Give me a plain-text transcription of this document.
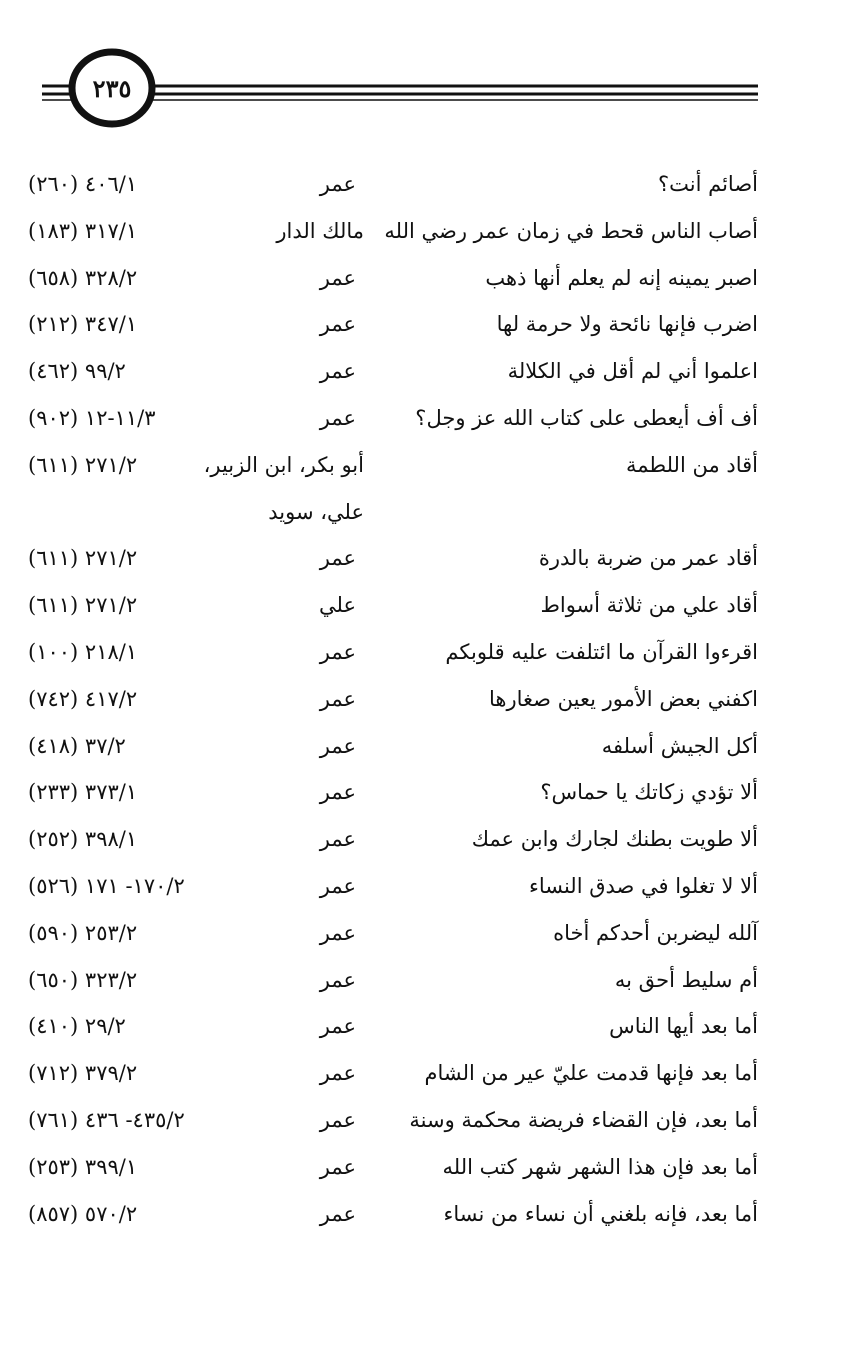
٢٣٥
أصائم أنت؟
عمر
٤٠٦/١ (٢٦٠)
أصاب الناس قحط في زمان عمر رضي الله
مالك الدار
٣١٧/١ (١٨٣)
اصبر يمينه إنه لم يعلم أنها ذهب
عمر
٣٢٨/٢ (٦٥٨)
اضرب فإنها نائحة ولا حرمة لها
عمر
٣٤٧/١ (٢١٢)
اعلموا أني لم أقل في الكلالة
عمر
٩٩/٢ (٤٦٢)
أف أف أيعطى على كتاب الله عز وجل؟
عمر
١١/٣-١٢ (٩٠٢)
أقاد من اللطمة
أبو بكر، ابن الزبير،
٢٧١/٢ (٦١١)
علي، سويد
أقاد عمر من ضربة بالدرة
عمر
٢٧١/٢ (٦١١)
أقاد علي من ثلاثة أسواط
علي
٢٧١/٢ (٦١١)
اقرءوا القرآن ما ائتلفت عليه قلوبكم
عمر
٢١٨/١ (١٠٠)
اكفني بعض الأمور يعين صغارها
عمر
٤١٧/٢ (٧٤٢)
أكل الجيش أسلفه
عمر
٣٧/٢ (٤١٨)
ألا تؤدي زكاتك يا حماس؟
عمر
٣٧٣/١ (٢٣٣)
ألا طويت بطنك لجارك وابن عمك
عمر
٣٩٨/١ (٢٥٢)
ألا لا تغلوا في صدق النساء
عمر
١٧٠/٢- ١٧١ (٥٢٦)
آلله ليضربن أحدكم أخاه
عمر
٢٥٣/٢ (٥٩٠)
أم سليط أحق به
عمر
٣٢٣/٢ (٦٥٠)
أما بعد أيها الناس
عمر
٢٩/٢ (٤١٠)
أما بعد فإنها قدمت عليّ عير من الشام
عمر
٣٧٩/٢ (٧١٢)
أما بعد، فإن القضاء فريضة محكمة وسنة
عمر
٤٣٥/٢- ٤٣٦ (٧٦١)
أما بعد فإن هذا الشهر شهر كتب الله
عمر
٣٩٩/١ (٢٥٣)
أما بعد، فإنه بلغني أن نساء من نساء
عمر
٥٧٠/٢ (٨٥٧)
